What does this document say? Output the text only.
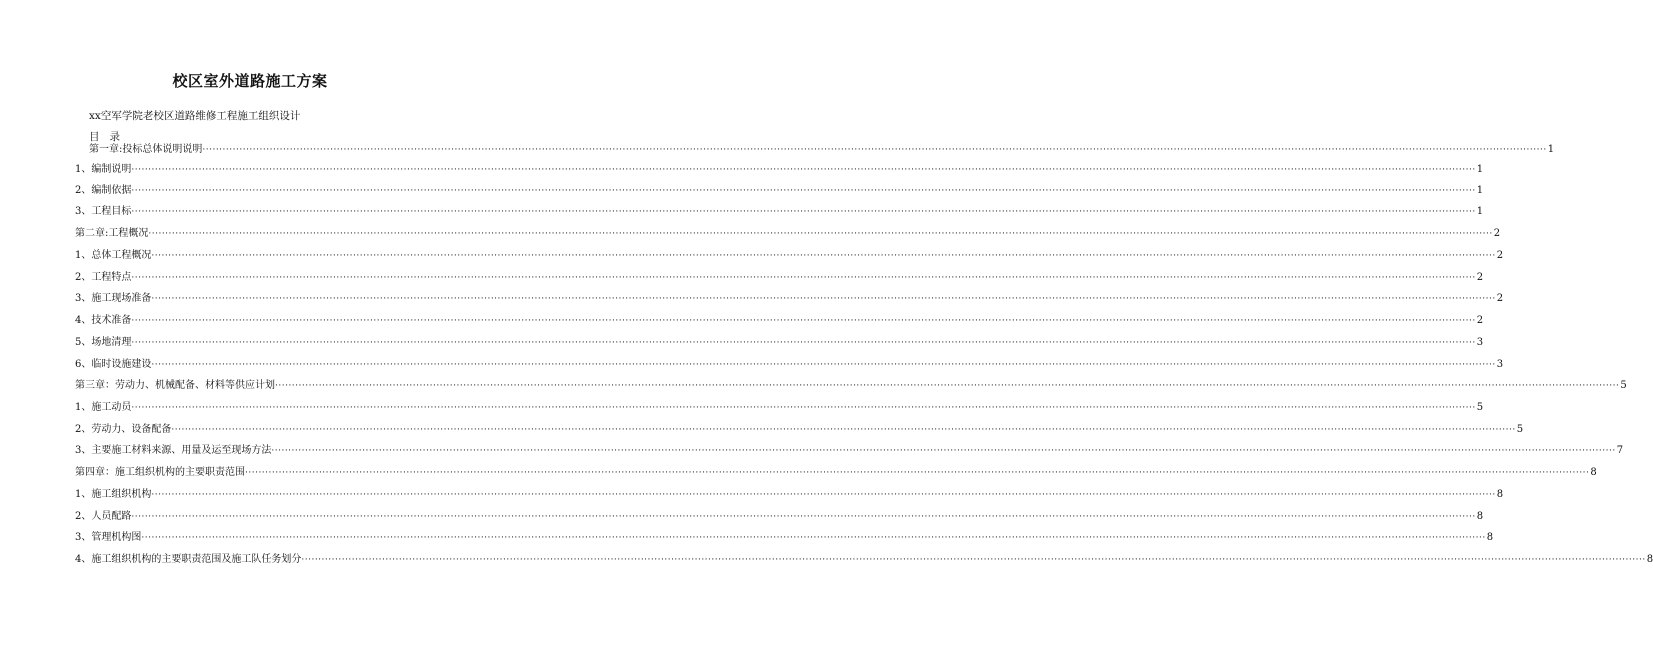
校区室外道路施工方案
xx空军学院老校区道路维修工程施工组织设计
目 录
第一章:投标总体说明说明 ················································································································································································································································································································································································································ 1
1、编制说明 ················································································································································································································································································································································································································ 1
2、编制依据 ················································································································································································································································································································································································································ 1
3、工程目标 ················································································································································································································································································································································································································ 1
第二章:工程概况 ················································································································································································································································································································································································································ 2
1、总体工程概况 ················································································································································································································································································································································································································ 2
2、工程特点 ················································································································································································································································································································································································································ 2
3、施工现场准备 ················································································································································································································································································································································································································ 2
4、技术准备 ················································································································································································································································································································································································································ 2
5、场地清理 ················································································································································································································································································································································································································ 3
6、临时设施建设 ················································································································································································································································································································································································································ 3
第三章：劳动力、机械配备、材料等供应计划 ················································································································································································································································································································································································································ 5
1、施工动员 ················································································································································································································································································································································································································ 5
2、劳动力、设备配备 ················································································································································································································································································································································································································ 5
3、主要施工材料来源、用量及运至现场方法 ················································································································································································································································································································································································································ 7
第四章：施工组织机构的主要职责范围 ················································································································································································································································································································································································································ 8
1、施工组织机构 ················································································································································································································································································································································································································ 8
2、人员配路 ················································································································································································································································································································································································································ 8
3、管理机构图 ················································································································································································································································································································································································································ 8
4、施工组织机构的主要职责范围及施工队任务划分 ················································································································································································································································································································································································································ 8
